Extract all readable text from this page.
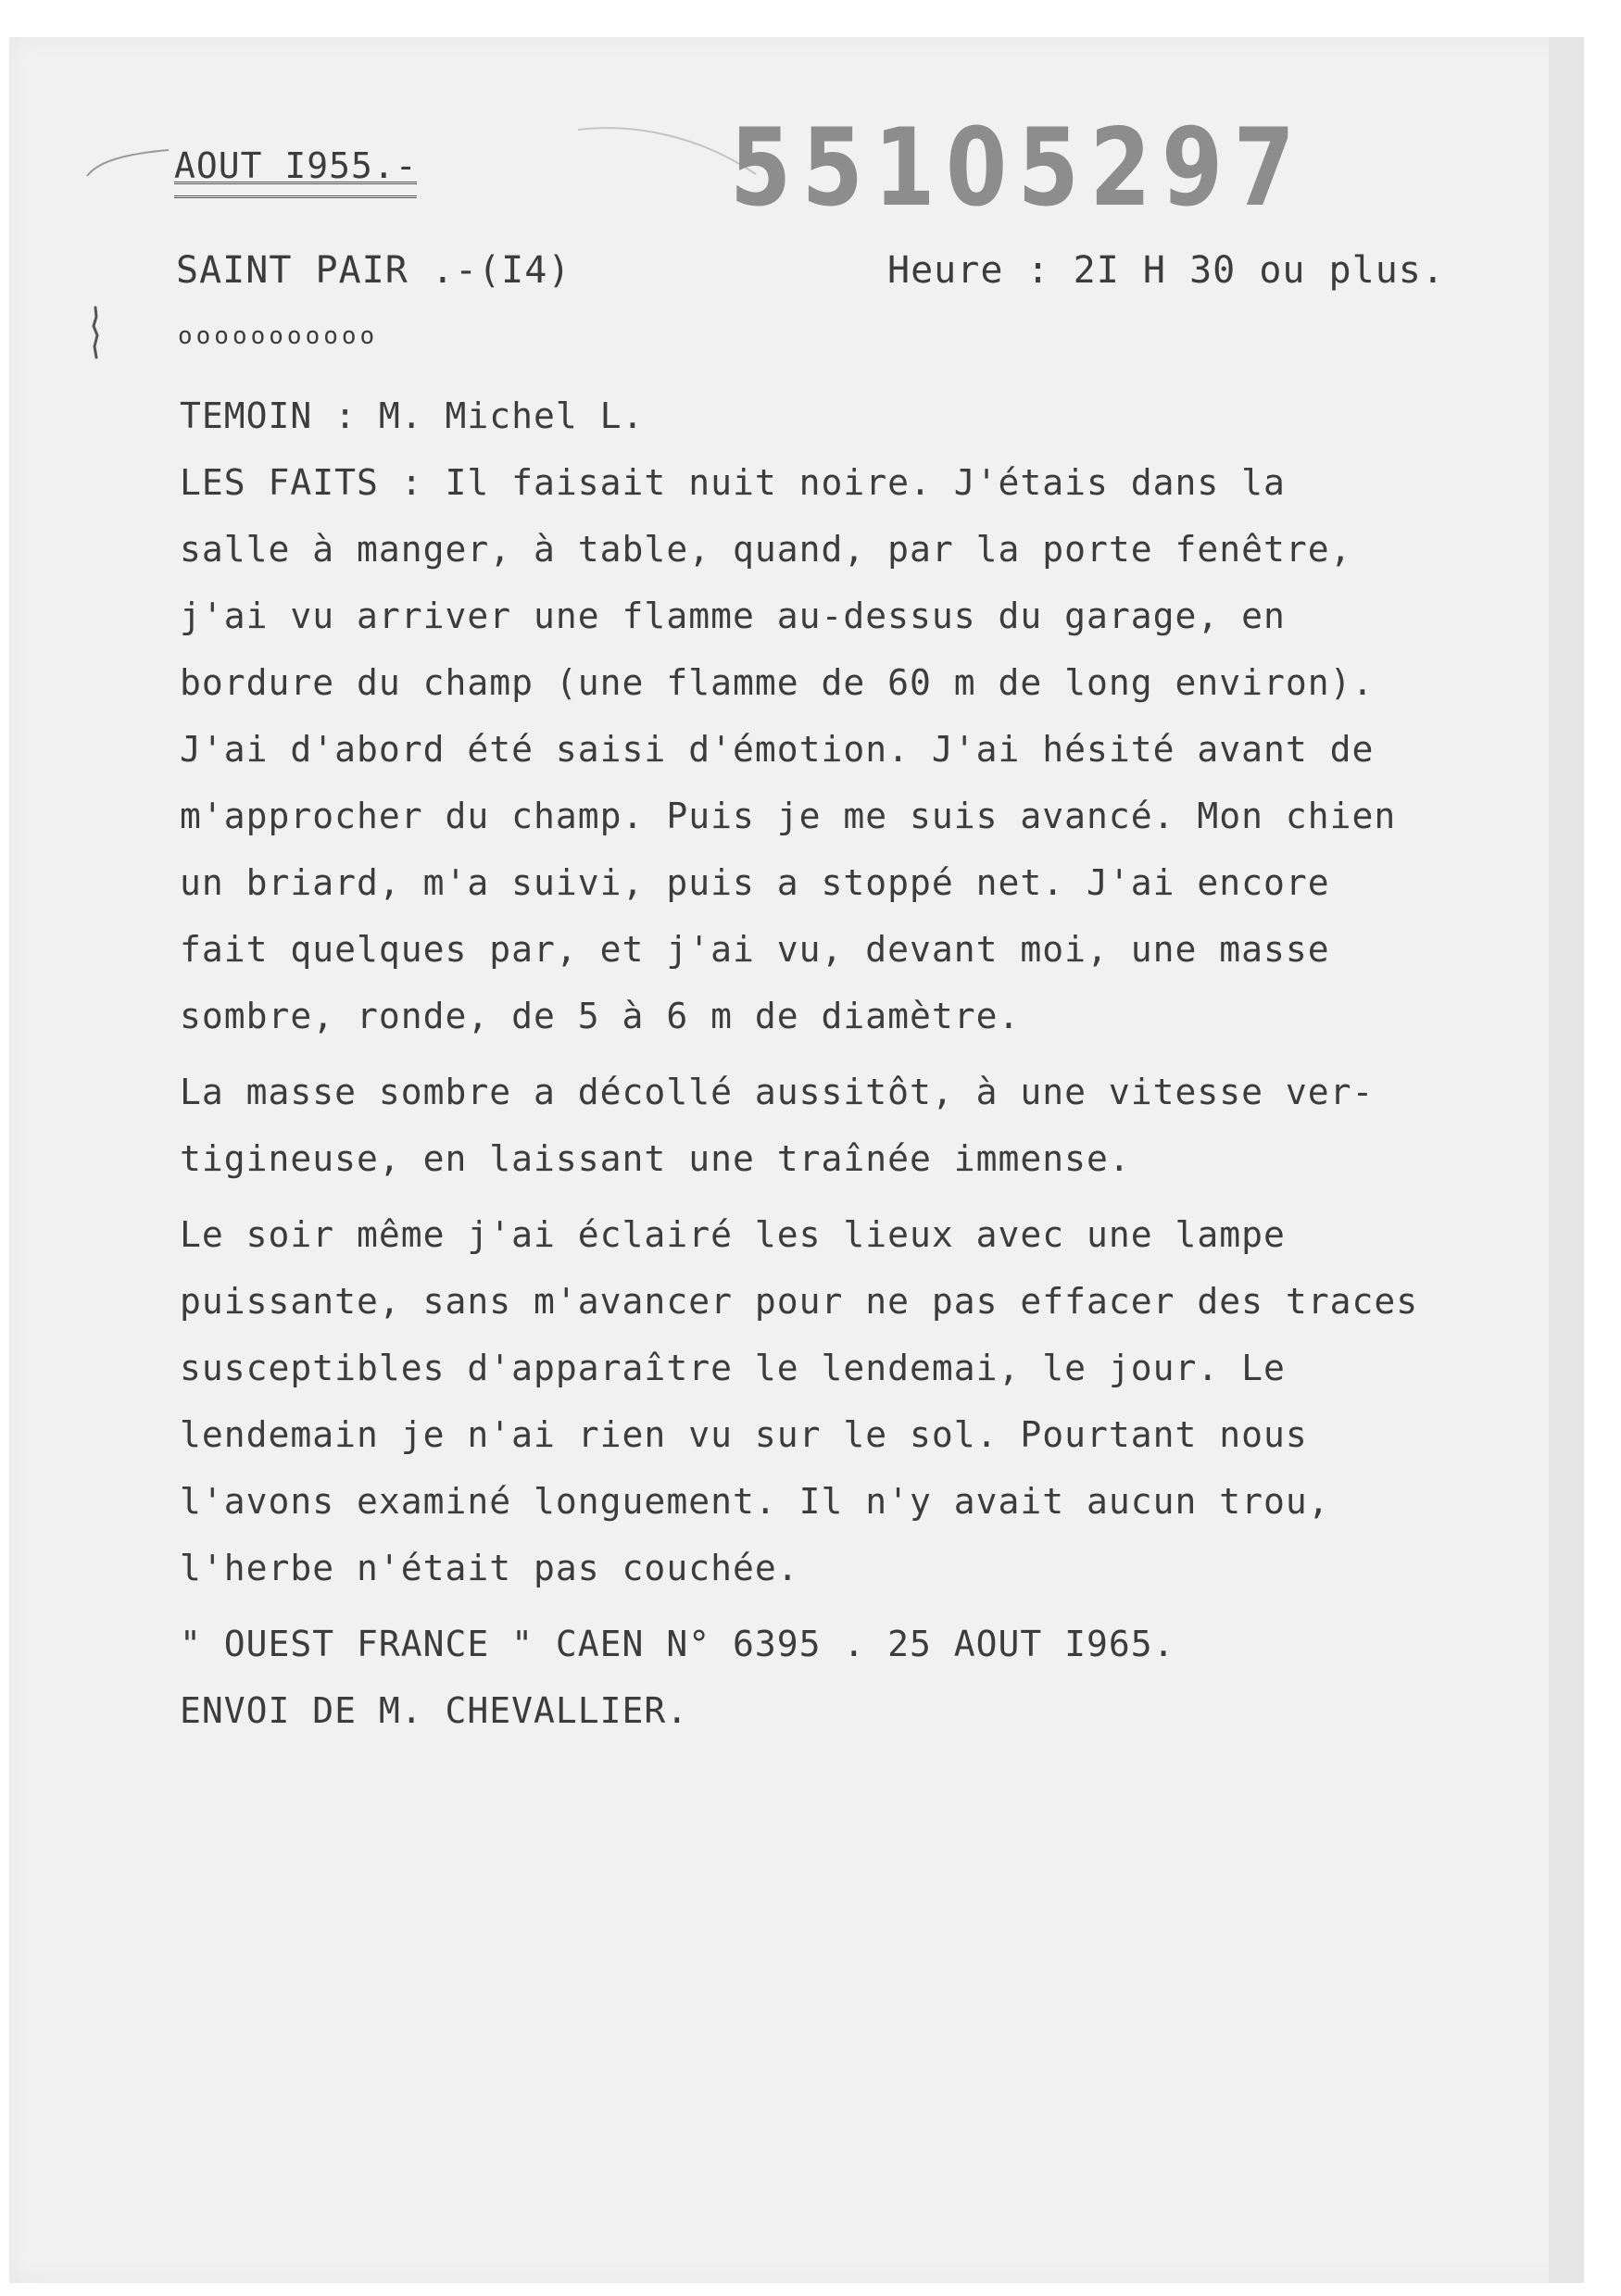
AOUT I955.-	55105297
SAINT PAIR .-(I4)	Heure : 2I H 30 ou plus.
ooooooooooo
TEMOIN : M. Michel L.
LES FAITS : Il faisait nuit noire. J'étais dans la
salle à manger, à table, quand, par la porte fenêtre,
j'ai vu arriver une flamme au-dessus du garage, en
bordure du champ (une flamme de 60 m de long environ).
J'ai d'abord été saisi d'émotion. J'ai hésité avant de
m'approcher du champ. Puis je me suis avancé. Mon chien
un briard, m'a suivi, puis a stoppé net. J'ai encore
fait quelques par, et j'ai vu, devant moi, une masse
sombre, ronde, de 5 à 6 m de diamètre.
La masse sombre a décollé aussitôt, à une vitesse ver-
tigineuse, en laissant une traînée immense.
Le soir même j'ai éclairé les lieux avec une lampe
puissante, sans m'avancer pour ne pas effacer des traces
susceptibles d'apparaître le lendemai, le jour. Le
lendemain je n'ai rien vu sur le sol. Pourtant nous
l'avons examiné longuement. Il n'y avait aucun trou,
l'herbe n'était pas couchée.
" OUEST FRANCE " CAEN N° 6395 . 25 AOUT I965.
ENVOI DE M. CHEVALLIER.
